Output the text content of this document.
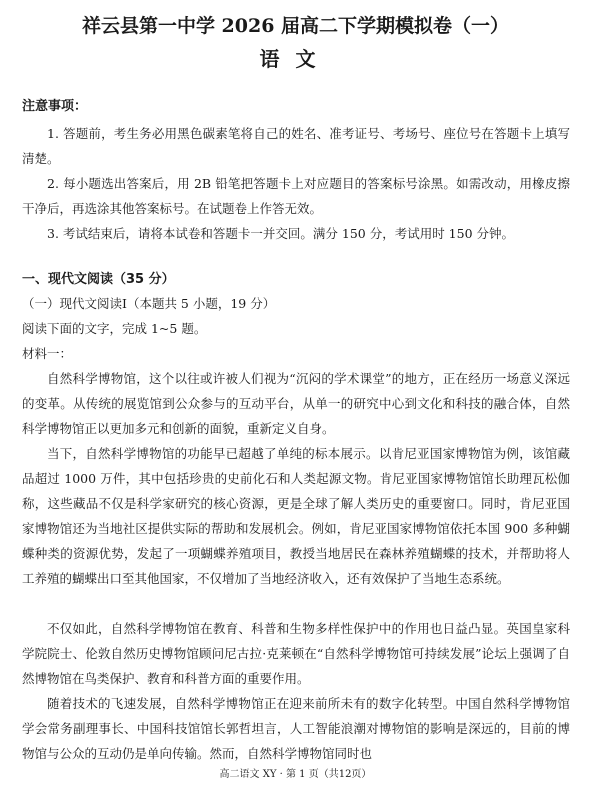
祥云县第一中学 2026 届高二下学期模拟卷（一）
语文
注意事项：

1. 答题前，考生务必用黑色碳素笔将自己的姓名、准考证号、考场号、座位号在答题卡上填写清楚。

2. 每小题选出答案后，用 2B 铅笔把答题卡上对应题目的答案标号涂黑。如需改动，用橡皮擦干净后，再选涂其他答案标号。在试题卷上作答无效。

3. 考试结束后，请将本试卷和答题卡一并交回。满分 150 分，考试用时 150 分钟。

一、现代文阅读（35 分）
（一）现代文阅读Ⅰ（本题共 5 小题，19 分）
阅读下面的文字，完成 1~5 题。
材料一：

自然科学博物馆，这个以往或许被人们视为“沉闷的学术课堂”的地方，正在经历一场意义深远的变革。从传统的展览馆到公众参与的互动平台，从单一的研究中心到文化和科技的融合体，自然科学博物馆正以更加多元和创新的面貌，重新定义自身。

当下，自然科学博物馆的功能早已超越了单纯的标本展示。以肯尼亚国家博物馆为例，该馆藏品超过 1000 万件，其中包括珍贵的史前化石和人类起源文物。肯尼亚国家博物馆馆长助理瓦松伽称，这些藏品不仅是科学家研究的核心资源，更是全球了解人类历史的重要窗口。同时，肯尼亚国家博物馆还为当地社区提供实际的帮助和发展机会。例如，肯尼亚国家博物馆依托本国 900 多种蝴蝶种类的资源优势，发起了一项蝴蝶养殖项目，教授当地居民在森林养殖蝴蝶的技术，并帮助将人工养殖的蝴蝶出口至其他国家，不仅增加了当地经济收入，还有效保护了当地生态系统。

不仅如此，自然科学博物馆在教育、科普和生物多样性保护中的作用也日益凸显。英国皇家科学院院士、伦敦自然历史博物馆顾问尼古拉·克莱顿在“自然科学博物馆可持续发展”论坛上强调了自然博物馆在鸟类保护、教育和科普方面的重要作用。

随着技术的飞速发展，自然科学博物馆正在迎来前所未有的数字化转型。中国自然科学博物馆学会常务副理事长、中国科技馆馆长郭哲坦言，人工智能浪潮对博物馆的影响是深远的，目前的博物馆与公众的互动仍是单向传输。然而，自然科学博物馆同时也

高二语文 XY · 第 1 页（共12页）
